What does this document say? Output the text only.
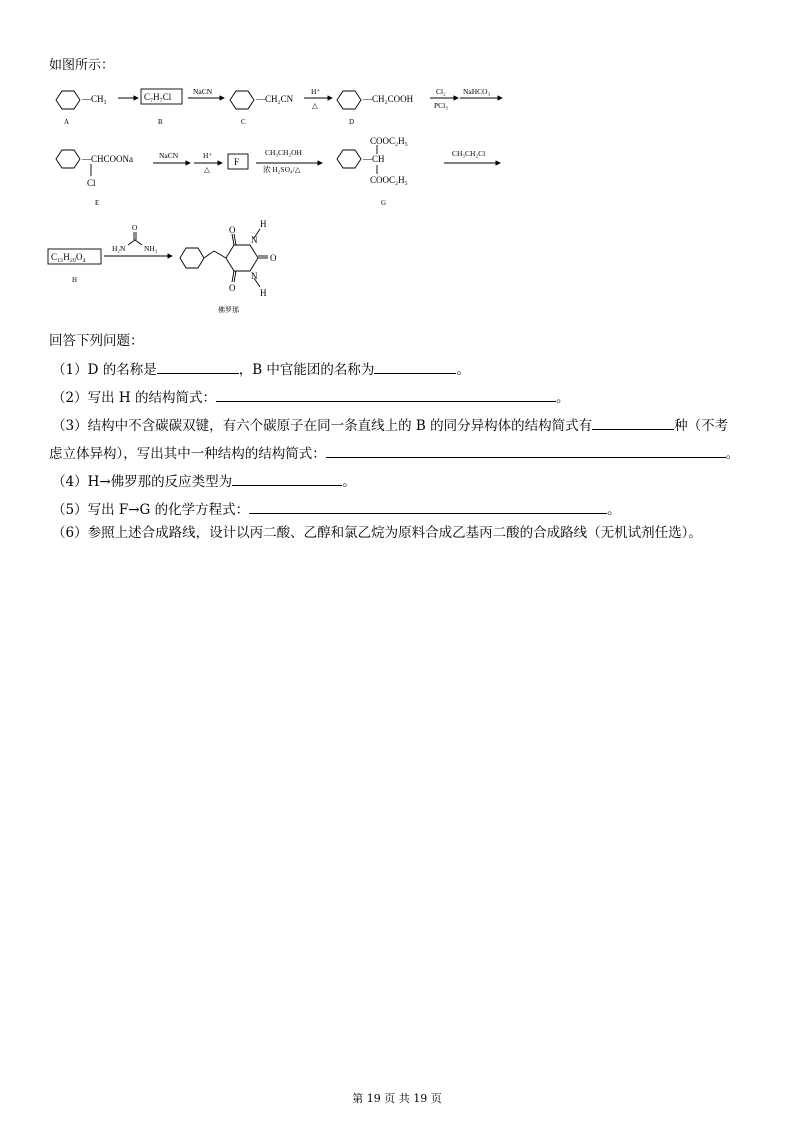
如图所示：
—CH₃
A
C₇H₇Cl
B
NaCN
—CH₂CN
C
H⁺
△
—CH₂COOH
D
Cl₂
PCl₃
NaHCO₃
—CHCOONa
Cl
E
NaCN	H⁺
△
F
CH₃CH₂OH
浓 H₂SO₄/△
COOC₂H₅
—CH
COOC₂H₅
G
CH₃CH₂Cl
C₁₅H₂₀O₄
H
O
H₂N NH₂
H
N
O
O
O
N
H
佛罗那
回答下列问题：
（1）D 的名称是	，B 中官能团的名称为	。
（2）写出 H 的结构简式：	。
（3）结构中不含碳碳双键，有六个碳原子在同一条直线上的 B 的同分异构体的结构简式有	种（不考
虑立体异构），写出其中一种结构的结构简式：	。
（4）H→佛罗那的反应类型为	。
（5）写出 F→G 的化学方程式：	。
（6）参照上述合成路线，设计以丙二酸、乙醇和氯乙烷为原料合成乙基丙二酸的合成路线（无机试剂任选）。
第 19 页 共 19 页
